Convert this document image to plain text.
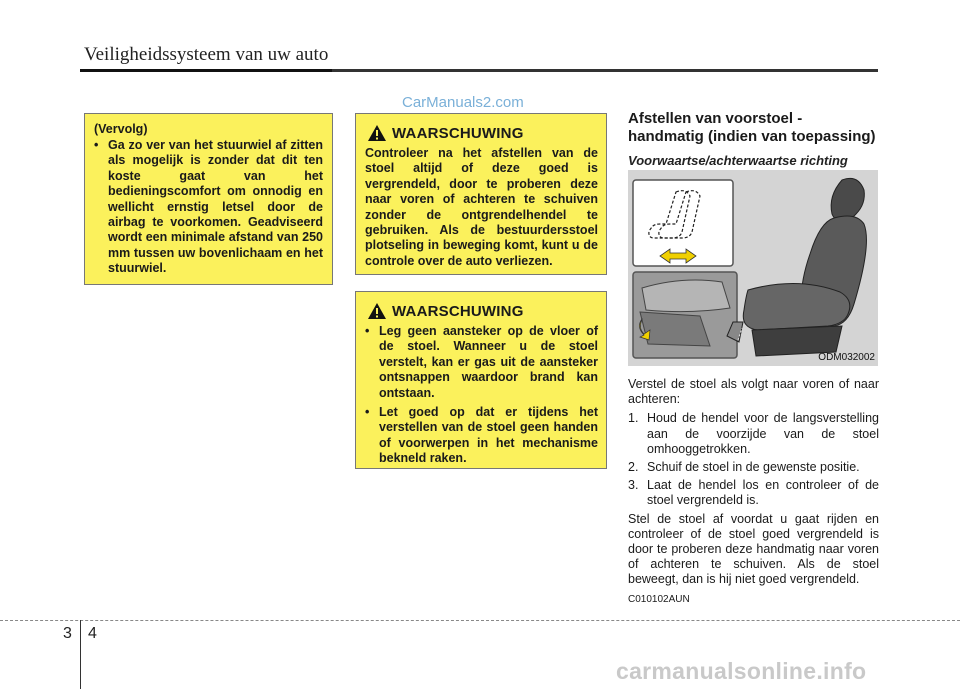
Veiligheidssysteem van uw auto
CarManuals2.com
(Vervolg)
• Ga zo ver van het stuurwiel af zitten als mogelijk is zonder dat dit ten koste gaat van het bedieningscomfort om onnodig en wellicht ernstig letsel door de airbag te voorkomen. Geadviseerd wordt een minimale afstand van 250 mm tussen uw bovenlichaam en het stuurwiel.
WAARSCHUWING
Controleer na het afstellen van de stoel altijd of deze goed is vergrendeld, door te proberen deze naar voren of achteren te schuiven zonder de ontgrendelhendel te gebruiken. Als de bestuurdersstoel plotseling in beweging komt, kunt u de controle over de auto verliezen.
WAARSCHUWING
• Leg geen aansteker op de vloer of de stoel. Wanneer u de stoel verstelt, kan er gas uit de aansteker ontsnappen waardoor brand kan ontstaan.
• Let goed op dat er tijdens het verstellen van de stoel geen handen of voorwerpen in het mechanisme bekneld raken.
Afstellen van voorstoel - handmatig (indien van toepassing)
Voorwaartse/achterwaartse richting
ODM032002
Verstel de stoel als volgt naar voren of naar achteren:
1. Houd de hendel voor de langsverstelling aan de voorzijde van de stoel omhooggetrokken.
2. Schuif de stoel in de gewenste positie.
3. Laat de hendel los en controleer of de stoel vergrendeld is.
Stel de stoel af voordat u gaat rijden en controleer of de stoel goed vergrendeld is door te proberen deze handmatig naar voren of achteren te schuiven. Als de stoel beweegt, dan is hij niet goed vergrendeld.
C010102AUN
3 4
carmanualsonline.info
